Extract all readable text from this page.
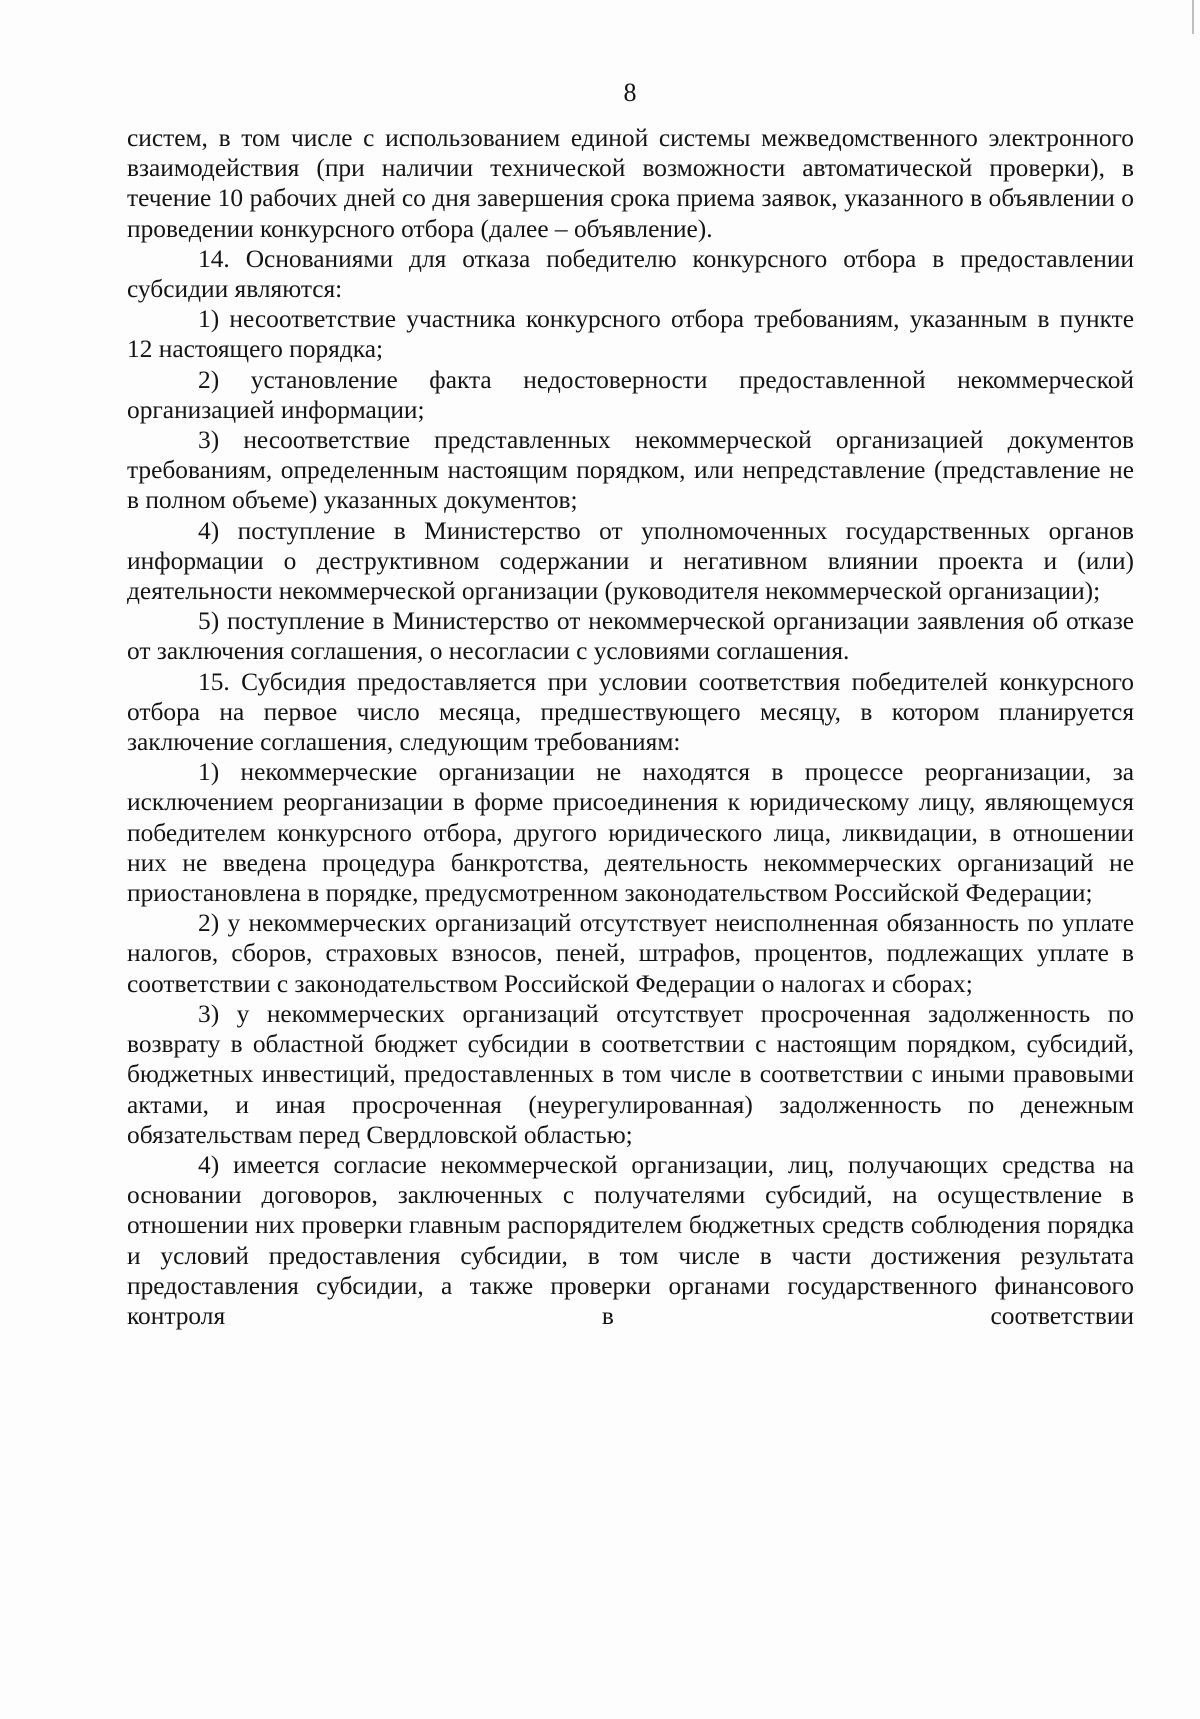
8

систем, в том числе с использованием единой системы межведомственного электронного взаимодействия (при наличии технической возможности автоматической проверки), в течение 10 рабочих дней со дня завершения срока приема заявок, указанного в объявлении о проведении конкурсного отбора (далее – объявление).

14. Основаниями для отказа победителю конкурсного отбора в предоставлении субсидии являются:

1) несоответствие участника конкурсного отбора требованиям, указанным в пункте 12 настоящего порядка;

2) установление факта недостоверности предоставленной некоммерческой организацией информации;

3) несоответствие представленных некоммерческой организацией документов требованиям, определенным настоящим порядком, или непредставление (представление не в полном объеме) указанных документов;

4) поступление в Министерство от уполномоченных государственных органов информации о деструктивном содержании и негативном влиянии проекта и (или) деятельности некоммерческой организации (руководителя некоммерческой организации);

5) поступление в Министерство от некоммерческой организации заявления об отказе от заключения соглашения, о несогласии с условиями соглашения.

15. Субсидия предоставляется при условии соответствия победителей конкурсного отбора на первое число месяца, предшествующего месяцу, в котором планируется заключение соглашения, следующим требованиям:

1) некоммерческие организации не находятся в процессе реорганизации, за исключением реорганизации в форме присоединения к юридическому лицу, являющемуся победителем конкурсного отбора, другого юридического лица, ликвидации, в отношении них не введена процедура банкротства, деятельность некоммерческих организаций не приостановлена в порядке, предусмотренном законодательством Российской Федерации;

2) у некоммерческих организаций отсутствует неисполненная обязанность по уплате налогов, сборов, страховых взносов, пеней, штрафов, процентов, подлежащих уплате в соответствии с законодательством Российской Федерации о налогах и сборах;

3) у некоммерческих организаций отсутствует просроченная задолженность по возврату в областной бюджет субсидии в соответствии с настоящим порядком, субсидий, бюджетных инвестиций, предоставленных в том числе в соответствии с иными правовыми актами, и иная просроченная (неурегулированная) задолженность по денежным обязательствам перед Свердловской областью;

4) имеется согласие некоммерческой организации, лиц, получающих средства на основании договоров, заключенных с получателями субсидий, на осуществление в отношении них проверки главным распорядителем бюджетных средств соблюдения порядка и условий предоставления субсидии, в том числе в части достижения результата предоставления субсидии, а также проверки органами государственного финансового контроля в соответствии
